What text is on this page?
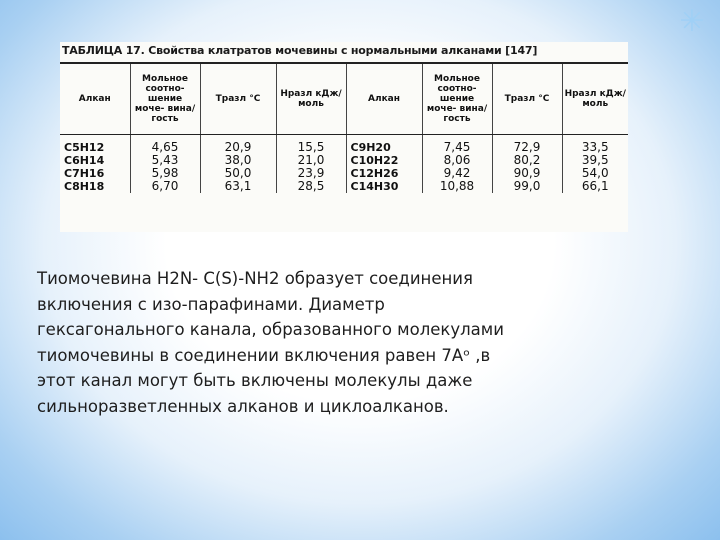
✳
ТАБЛИЦА 17. Свойства клатратов мочевины с нормальными алканами [147]
Алкан	Мольное соотно- шение моче- вина/гость	Tразл °C	Hразл кДж/моль	Алкан	Мольное соотно- шение моче- вина/гость	Tразл °C	Hразл кДж/моль
C5H12	4,65	20,9	15,5	C9H20	7,45	72,9	33,5
C6H14	5,43	38,0	21,0	C10H22	8,06	80,2	39,5
C7H16	5,98	50,0	23,9	C12H26	9,42	90,9	54,0
C8H18	6,70	63,1	28,5	C14H30	10,88	99,0	66,1

Тиомочевина H2N- C(S)-NH2 образует соединения

включения с изо-парафинами. Диаметр

гексагонального канала, образованного молекулами

тиомочевины в соединении включения равен 7Aᵒ ,в

этот канал могут быть включены молекулы даже

сильноразветленных алканов и циклоалканов.
